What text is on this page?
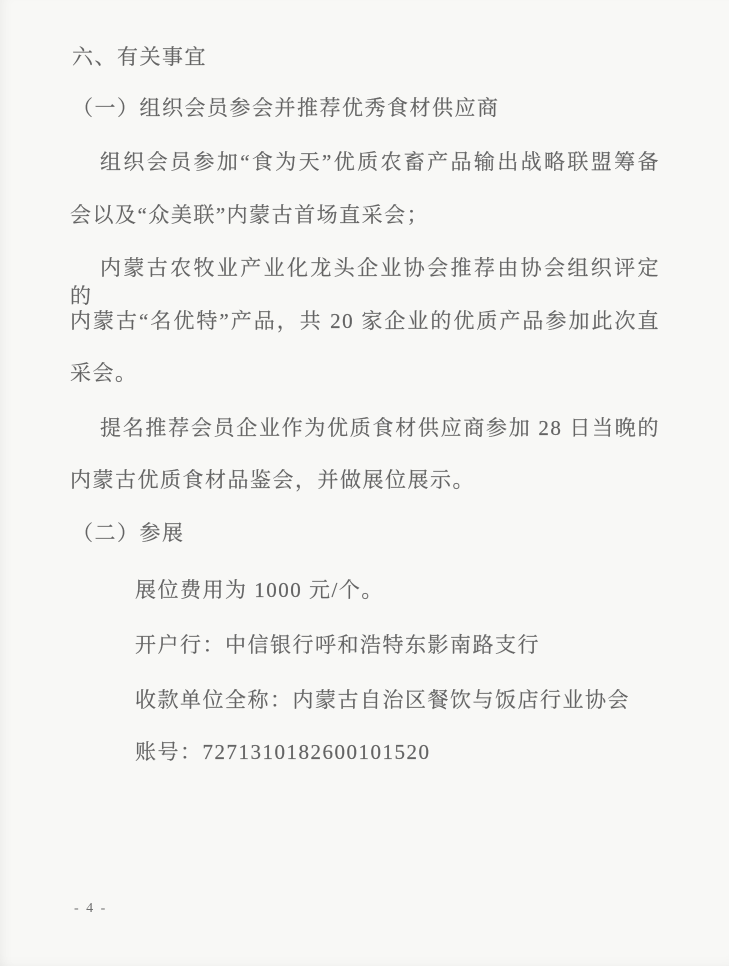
六、有关事宜
（一）组织会员参会并推荐优秀食材供应商
组织会员参加“食为天”优质农畜产品输出战略联盟筹备
会以及“众美联”内蒙古首场直采会；
内蒙古农牧业产业化龙头企业协会推荐由协会组织评定的
内蒙古“名优特”产品，共 20 家企业的优质产品参加此次直
采会。
提名推荐会员企业作为优质食材供应商参加 28 日当晚的
内蒙古优质食材品鉴会，并做展位展示。
（二）参展
展位费用为 1000 元/个。
开户行：中信银行呼和浩特东影南路支行
收款单位全称：内蒙古自治区餐饮与饭店行业协会
账号：7271310182600101520
- 4 -
